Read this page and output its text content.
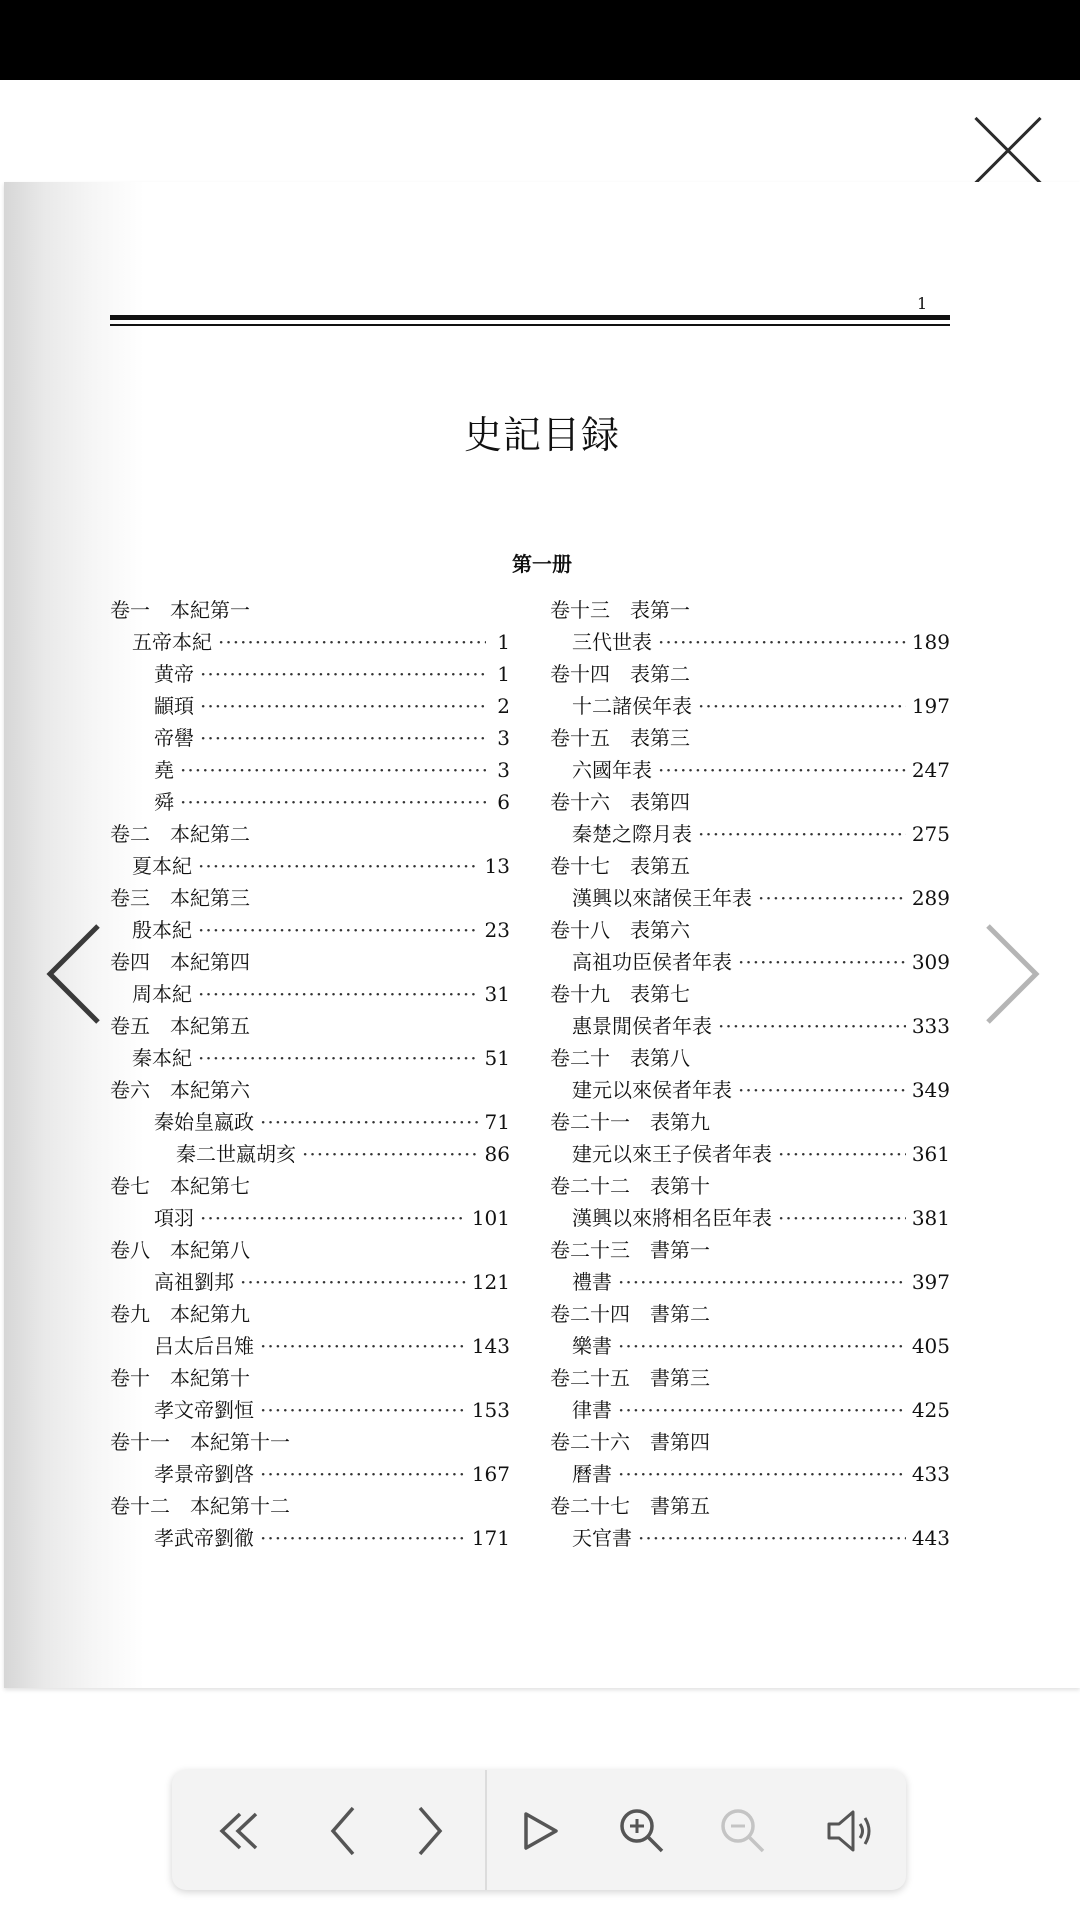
1
史記目録
第一册
卷一　本紀第一
五帝本紀 ·····	1
黄帝 ·····	1
顓頊 ·····	2
帝嚳 ·····	3
堯 ·····	3
舜 ·····	6
卷二　本紀第二
夏本紀 ·····	13
卷三　本紀第三
殷本紀 ·····	23
卷四　本紀第四
周本紀 ·····	31
卷五　本紀第五
秦本紀 ·····	51
卷六　本紀第六
秦始皇嬴政 ·····	71
秦二世嬴胡亥 ·····	86
卷七　本紀第七
項羽 ·····	101
卷八　本紀第八
高祖劉邦 ·····	121
卷九　本紀第九
吕太后吕雉 ·····	143
卷十　本紀第十
孝文帝劉恒 ·····	153
卷十一　本紀第十一
孝景帝劉啓 ·····	167
卷十二　本紀第十二
孝武帝劉徹 ·····	171
卷十三　表第一
三代世表 ·····	189
卷十四　表第二
十二諸侯年表 ·····	197
卷十五　表第三
六國年表 ·····	247
卷十六　表第四
秦楚之際月表 ·····	275
卷十七　表第五
漢興以來諸侯王年表 ·····	289
卷十八　表第六
高祖功臣侯者年表 ·····	309
卷十九　表第七
惠景閒侯者年表 ·····	333
卷二十　表第八
建元以來侯者年表 ·····	349
卷二十一　表第九
建元以來王子侯者年表 ·····	361
卷二十二　表第十
漢興以來將相名臣年表 ·····	381
卷二十三　書第一
禮書 ·····	397
卷二十四　書第二
樂書 ·····	405
卷二十五　書第三
律書 ·····	425
卷二十六　書第四
曆書 ·····	433
卷二十七　書第五
天官書 ·····	443
